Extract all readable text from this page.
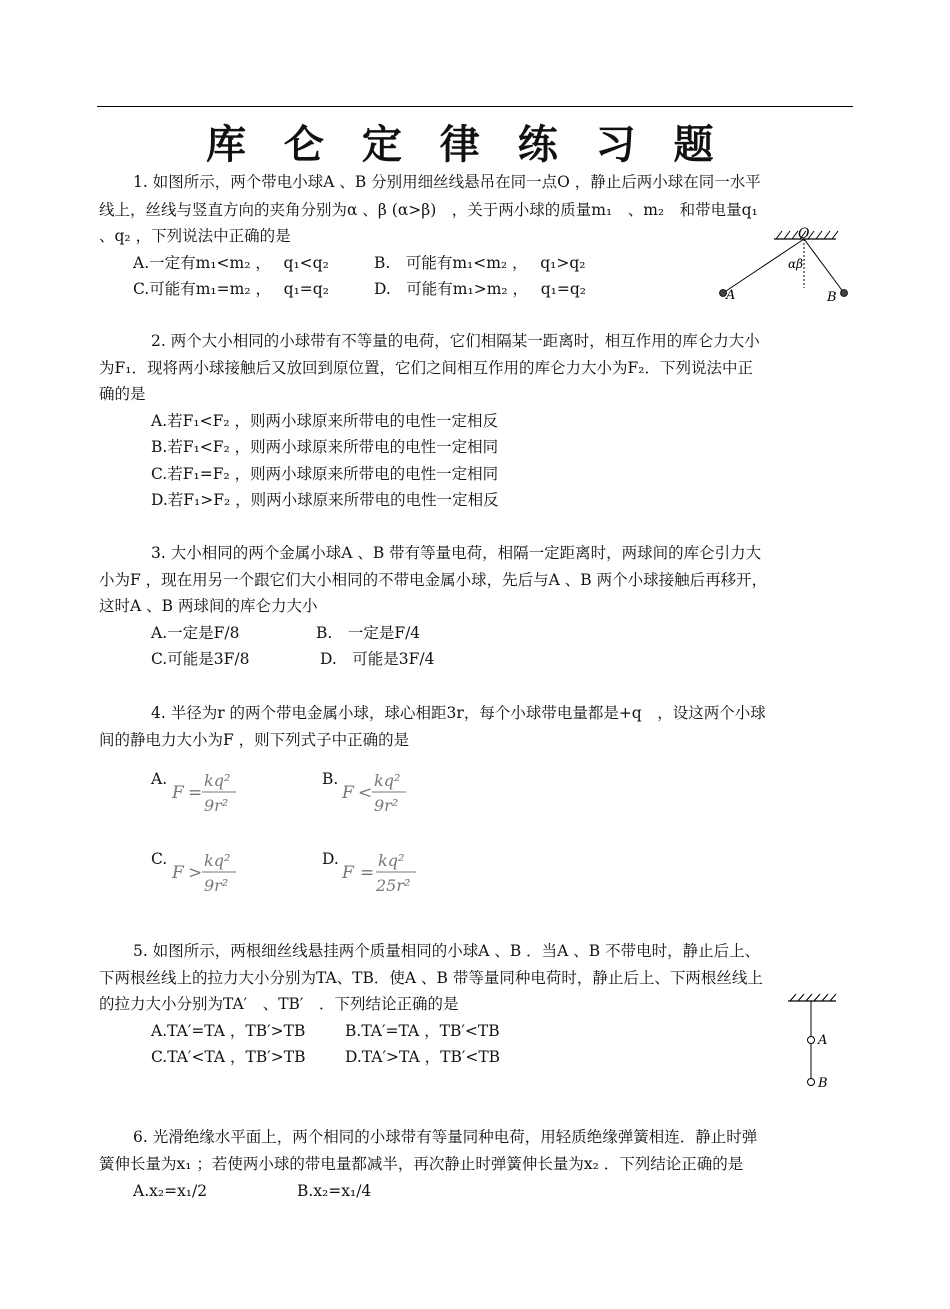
库 仑 定 律 练 习 题
1. 如图所示，两个带电小球A 、B 分别用细丝线悬吊在同一点O ，静止后两小球在同一水平
线上，丝线与竖直方向的夹角分别为α 、β (α>β)　，关于两小球的质量m₁　、m₂　和带电量q₁
、q₂ ，下列说法中正确的是
A.一定有m₁<m₂ ，　 q₁<q₂	B.　可能有m₁<m₂ ，　 q₁>q₂
C.可能有m₁=m₂ ，　 q₁=q₂	D.　可能有m₁>m₂ ，　 q₁=q₂
O
αβ
A	B
2. 两个大小相同的小球带有不等量的电荷，它们相隔某一距离时，相互作用的库仑力大小
为F₁．现将两小球接触后又放回到原位置，它们之间相互作用的库仑力大小为F₂．下列说法中正
确的是
A.若F₁<F₂ ，则两小球原来所带电的电性一定相反
B.若F₁<F₂ ，则两小球原来所带电的电性一定相同
C.若F₁=F₂ ，则两小球原来所带电的电性一定相同
D.若F₁>F₂ ，则两小球原来所带电的电性一定相反
3. 大小相同的两个金属小球A 、B 带有等量电荷，相隔一定距离时，两球间的库仑引力大
小为F ，现在用另一个跟它们大小相同的不带电金属小球，先后与A 、B 两个小球接触后再移开，
这时A 、B 两球间的库仑力大小
A.一定是F/8	B.　一定是F/4
C.可能是3F/8	D.　可能是3F/4
4. 半径为r 的两个带电金属小球，球心相距3r，每个小球带电量都是+q　，设这两个小球
间的静电力大小为F ，则下列式子中正确的是
A.
F =
kq²
9r²
B.
F <
kq²
9r²
C.
F >
kq²
9r²
D.
F =
kq²
25r²
5. 如图所示，两根细丝线悬挂两个质量相同的小球A 、B ．当A 、B 不带电时，静止后上、
下两根丝线上的拉力大小分别为TA、TB．使A 、B 带等量同种电荷时，静止后上、下两根丝线上
的拉力大小分别为TA′　、TB′　．下列结论正确的是
A.TA′=TA ，TB′>TB	B.TA′=TA ，TB′<TB
C.TA′<TA ，TB′>TB	D.TA′>TA ，TB′<TB
A
B
6. 光滑绝缘水平面上，两个相同的小球带有等量同种电荷，用轻质绝缘弹簧相连．静止时弹
簧伸长量为x₁ ；若使两小球的带电量都减半，再次静止时弹簧伸长量为x₂ ．下列结论正确的是
A.x₂=x₁/2	B.x₂=x₁/4
